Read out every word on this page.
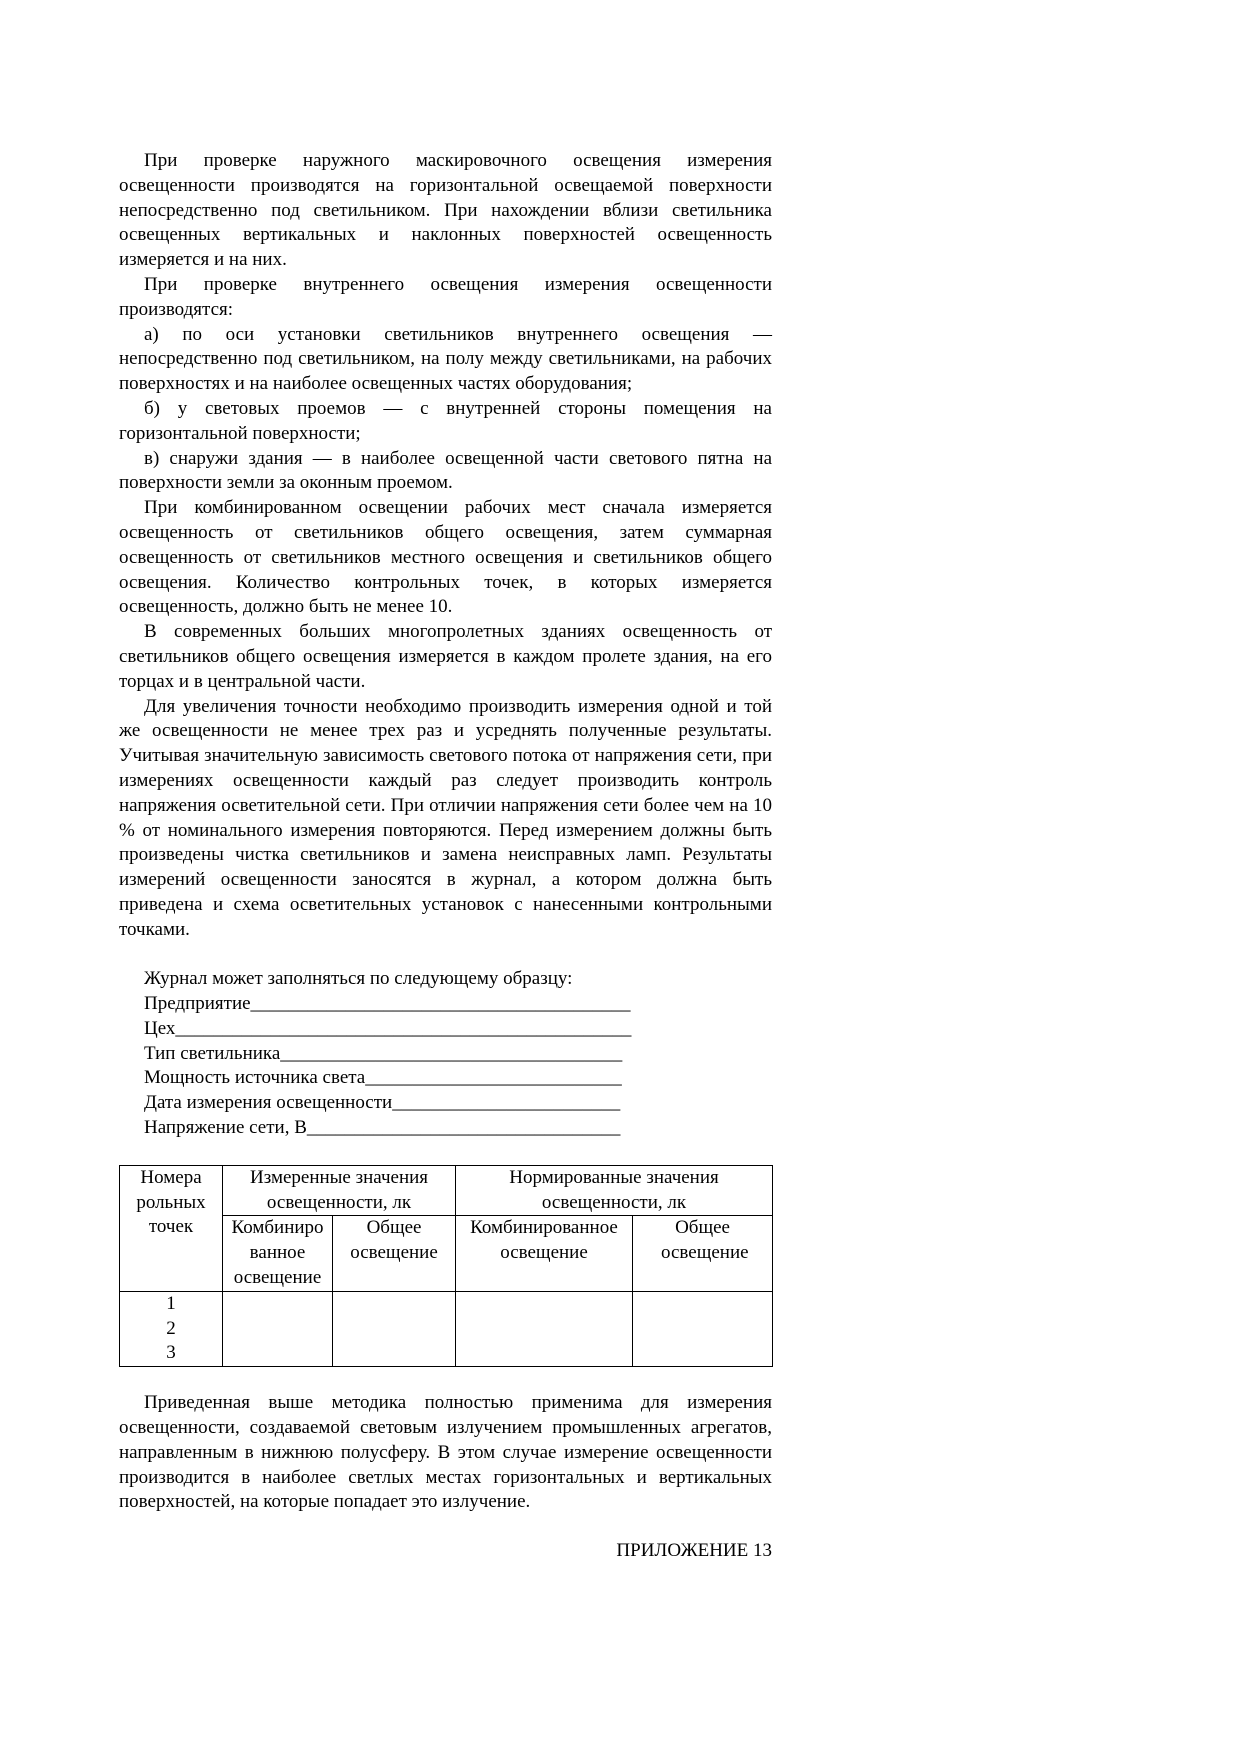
При проверке наружного маскировочного освещения измерения освещенности производятся на горизонтальной освещаемой поверхности непосредственно под светильником. При нахождении вблизи светильника освещенных вертикальных и наклонных поверхностей освещенность измеряется и на них.

При проверке внутреннего освещения измерения освещенности производятся:

а) по оси установки светильников внутреннего освещения — непосредственно под светильником, на полу между светильниками, на рабочих поверхностях и на наиболее освещенных частях оборудования;

б) у световых проемов — с внутренней стороны помещения на горизонтальной поверхности;

в) снаружи здания — в наиболее освещенной части светового пятна на поверхности земли за оконным проемом.

При комбинированном освещении рабочих мест сначала измеряется освещенность от светильников общего освещения, затем суммарная освещенность от светильников местного освещения и светильников общего освещения. Количество контрольных точек, в которых измеряется освещенность, должно быть не менее 10.

В современных больших многопролетных зданиях освещенность от светильников общего освещения измеряется в каждом пролете здания, на его торцах и в центральной части.

Для увеличения точности необходимо производить измерения одной и той же освещенности не менее трех раз и усреднять полученные результаты. Учитывая значительную зависимость светового потока от напряжения сети, при измерениях освещенности каждый раз следует производить контроль напряжения осветительной сети. При отличии напряжения сети более чем на 10 % от номинального измерения повторяются. Перед измерением должны быть произведены чистка светильников и замена неисправных ламп. Результаты измерений освещенности заносятся в журнал, а котором должна быть приведена и схема осветительных установок с нанесенными контрольными точками.

Журнал может заполняться по следующему образцу:

Предприятие________________________________________

Цех________________________________________________

Тип светильника____________________________________

Мощность источника света___________________________

Дата измерения освещенности________________________

Напряжение сети, В_________________________________

Номера рольных точек	Измеренные значения освещенности, лк		Нормированные значения освещенности, лк	
	Комбиниро ванное освещение	Общее освещение	Комбинированное освещение	Общее освещение

1
2
3				

Приведенная выше методика полностью применима для измерения освещенности, создаваемой световым излучением промышленных агрегатов, направленным в нижнюю полусферу. В этом случае измерение освещенности производится в наиболее светлых местах горизонтальных и вертикальных поверхностей, на которые попадает это излучение.

ПРИЛОЖЕНИЕ 13
